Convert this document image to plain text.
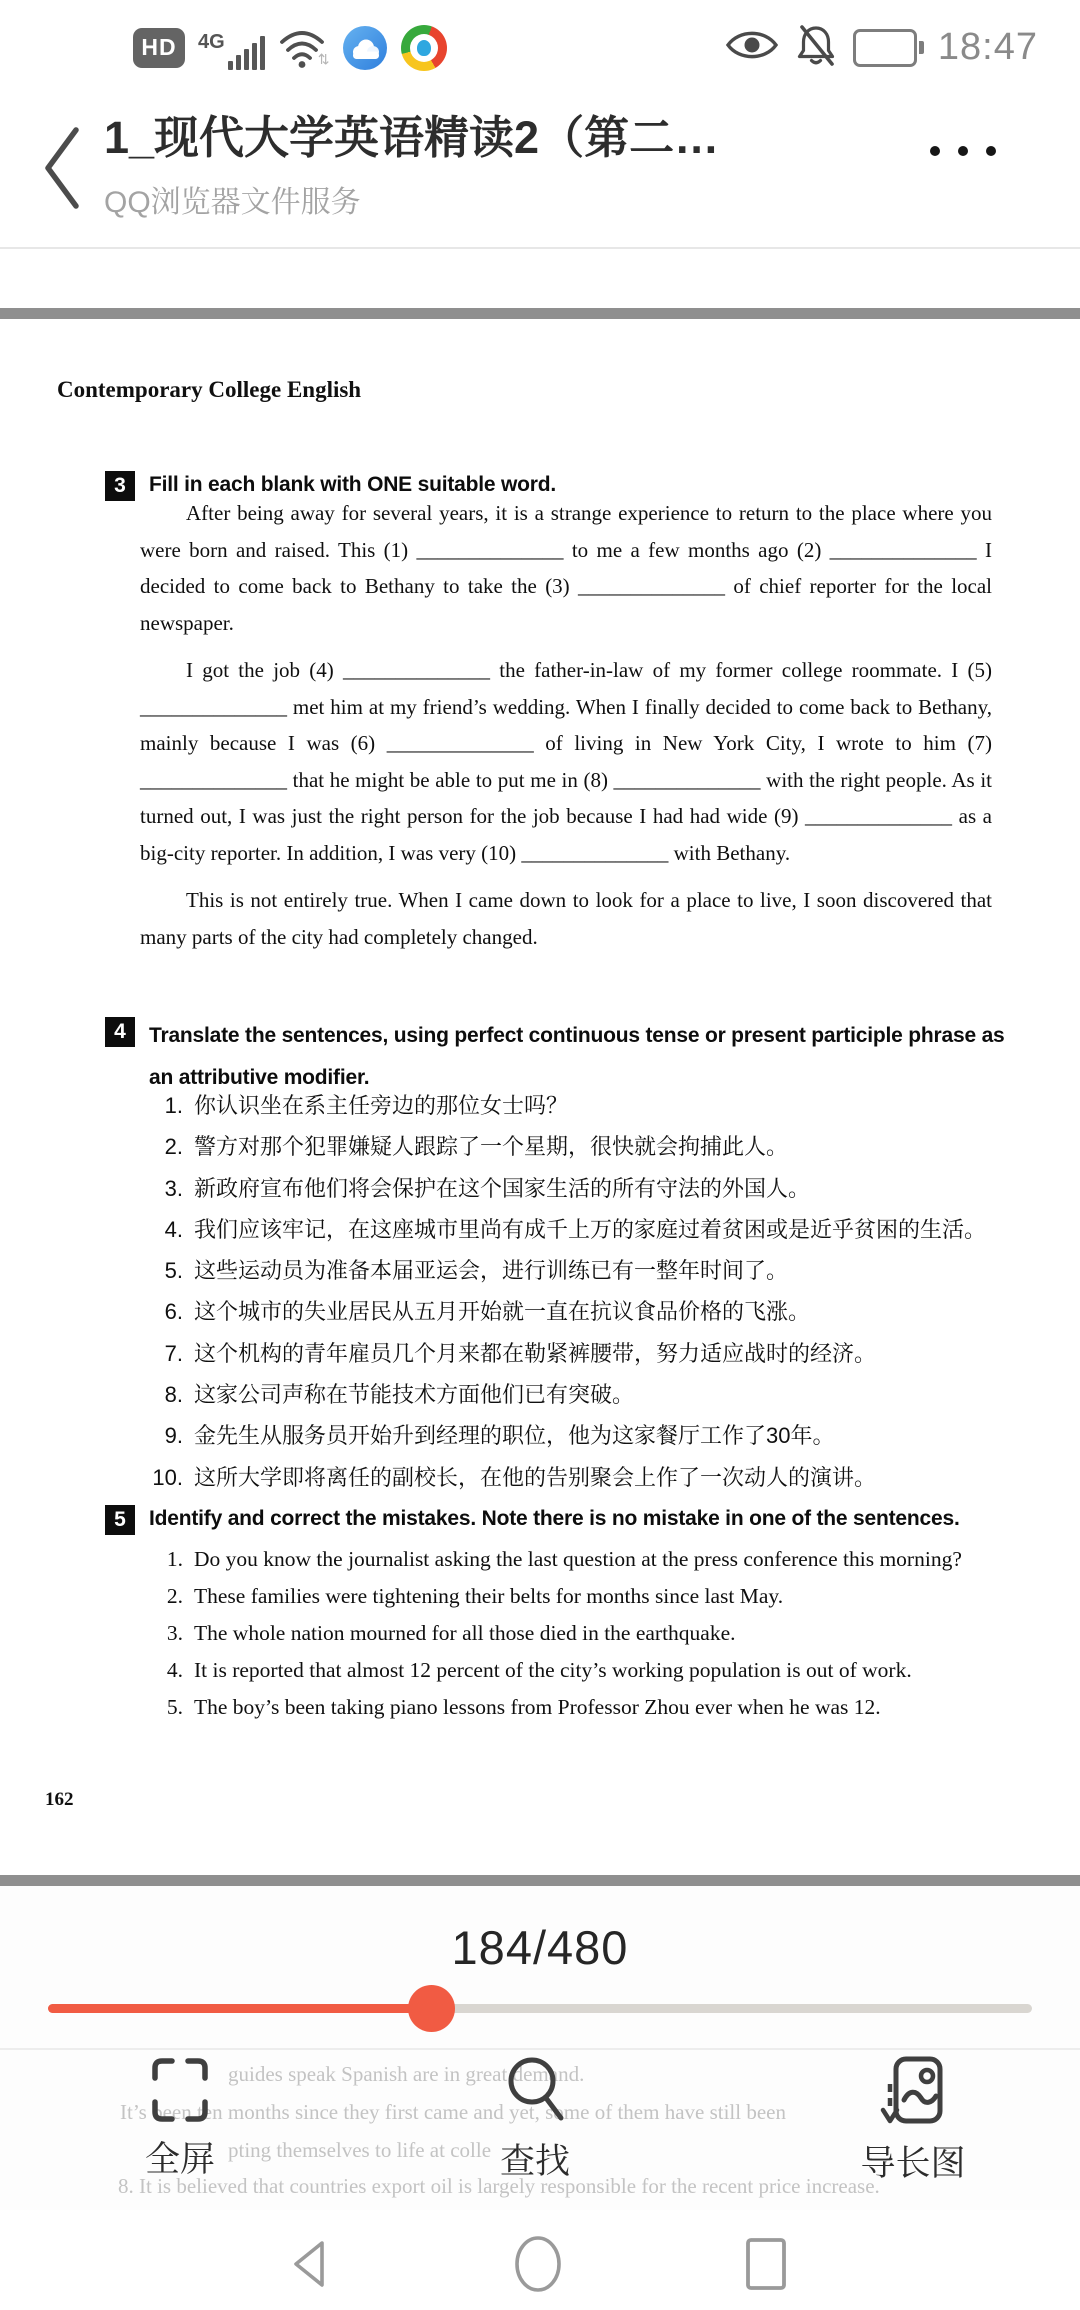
HD	4G
⇅	18:47
1_现代大学英语精读2（第二…
QQ浏览器文件服务
Contemporary College English
3	Fill in each blank with ONE suitable word.

After being away for several years, it is a strange experience to return to the place where you were born and raised. This (1) ______________ to me a few months ago (2) ______________ I decided to come back to Bethany to take the (3) ______________ of chief reporter for the local newspaper.

I got the job (4) ______________ the father-in-law of my former college roommate. I (5) ______________ met him at my friend’s wedding. When I finally decided to come back to Bethany, mainly because I was (6) ______________ of living in New York City, I wrote to him (7) ______________ that he might be able to put me in (8) ______________ with the right people. As it turned out, I was just the right person for the job because I had had wide (9) ______________ as a big-city reporter. In addition, I was very (10) ______________ with Bethany.

This is not entirely true. When I came down to look for a place to live, I soon discovered that many parts of the city had completely changed.

4	Translate the sentences, using perfect continuous tense or present participle phrase as an attributive modifier.
1. 你认识坐在系主任旁边的那位女士吗？
2. 警方对那个犯罪嫌疑人跟踪了一个星期，很快就会拘捕此人。
3. 新政府宣布他们将会保护在这个国家生活的所有守法的外国人。
4. 我们应该牢记，在这座城市里尚有成千上万的家庭过着贫困或是近乎贫困的生活。
5. 这些运动员为准备本届亚运会，进行训练已有一整年时间了。
6. 这个城市的失业居民从五月开始就一直在抗议食品价格的飞涨。
7. 这个机构的青年雇员几个月来都在勒紧裤腰带，努力适应战时的经济。
8. 这家公司声称在节能技术方面他们已有突破。
9. 金先生从服务员开始升到经理的职位，他为这家餐厅工作了30年。
10. 这所大学即将离任的副校长，在他的告别聚会上作了一次动人的演讲。
5	Identify and correct the mistakes. Note there is no mistake in one of the sentences.
1. Do you know the journalist asking the last question at the press conference this morning?
2. These families were tightening their belts for months since last May.
3. The whole nation mourned for all those died in the earthquake.
4. It is reported that almost 12 percent of the city’s working population is out of work.
5. The boy’s been taking piano lessons from Professor Zhou ever when he was 12.
162
184/480
guides speak Spanish are in great demand.
It’s been ten months since they first came and yet, some of them have still been
pting themselves to life at colle
8. It is believed that countries export oil is largely responsible for the recent price increase.
全屏	查找	导长图
